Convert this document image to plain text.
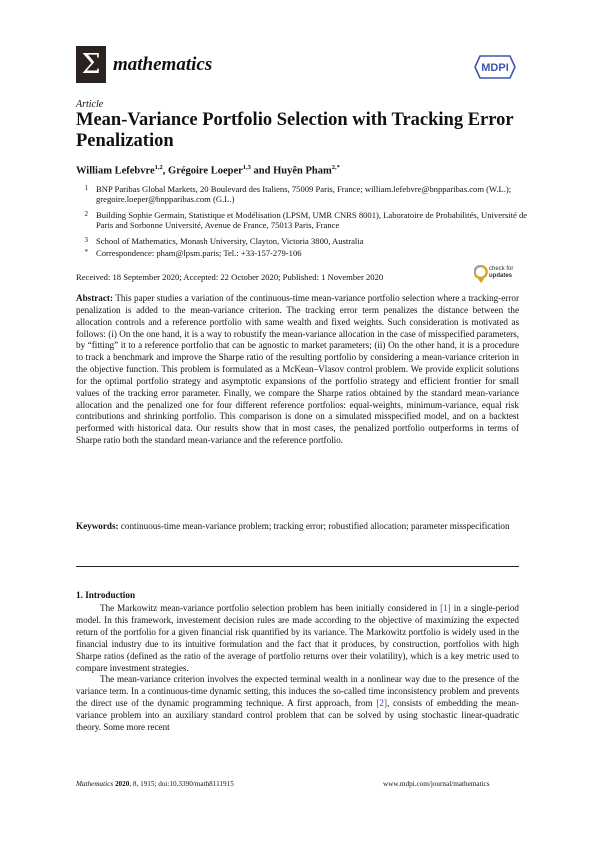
Σ mathematics	MDPI
Article
Mean-Variance Portfolio Selection with Tracking Error Penalization
William Lefebvre$^{1,2}$, Grégoire Loeper$^{1,3}$ and Huyên Pham$^{2,*}$
1 BNP Paribas Global Markets, 20 Boulevard des Italiens, 75009 Paris, France; william.lefebvre@bnpparibas.com (W.L.); gregoire.loeper@bnpparibas.com (G.L.)
2 Building Sophie Germain, Statistique et Modélisation (LPSM, UMR CNRS 8001), Laboratoire de Probabilités, Université de Paris and Sorbonne Université, Avenue de France, 75013 Paris, France
3 School of Mathematics, Monash University, Clayton, Victoria 3800, Australia
* Correspondence: pham@lpsm.paris; Tel.: +33-157-279-106
Received: 18 September 2020; Accepted: 22 October 2020; Published: 1 November 2020
check for
updates
Abstract: This paper studies a variation of the continuous-time mean-variance portfolio selection where a tracking-error penalization is added to the mean-variance criterion. The tracking error term penalizes the distance between the allocation controls and a reference portfolio with same wealth and fixed weights. Such consideration is motivated as follows: (i) On the one hand, it is a way to robustify the mean-variance allocation in the case of misspecified parameters, by “fitting” it to a reference portfolio that can be agnostic to market parameters; (ii) On the other hand, it is a procedure to track a benchmark and improve the Sharpe ratio of the resulting portfolio by considering a mean-variance criterion in the objective function. This problem is formulated as a McKean–Vlasov control problem. We provide explicit solutions for the optimal portfolio strategy and asymptotic expansions of the portfolio strategy and efficient frontier for small values of the tracking error parameter. Finally, we compare the Sharpe ratios obtained by the standard mean-variance allocation and the penalized one for four different reference portfolios: equal-weights, minimum-variance, equal risk contributions and shrinking portfolio. This comparison is done on a simulated misspecified model, and on a backtest performed with historical data. Our results show that in most cases, the penalized portfolio outperforms in terms of Sharpe ratio both the standard mean-variance and the reference portfolio.
Keywords: continuous-time mean-variance problem; tracking error; robustified allocation; parameter misspecification
1. Introduction

The Markowitz mean-variance portfolio selection problem has been initially considered in [1] in a single-period model. In this framework, investement decision rules are made according to the objective of maximizing the expected return of the portfolio for a given financial risk quantified by its variance. The Markowitz portfolio is widely used in the financial industry due to its intuitive formulation and the fact that it produces, by construction, portfolios with high Sharpe ratios (defined as the ratio of the average of portfolio returns over their volatility), which is a key metric used to compare investment strategies.

The mean-variance criterion involves the expected terminal wealth in a nonlinear way due to the presence of the variance term. In a continuous-time dynamic setting, this induces the so-called time inconsistency problem and prevents the direct use of the dynamic programming technique. A first approach, from [2], consists of embedding the mean-variance problem into an auxiliary standard control problem that can be solved by using stochastic linear-quadratic theory. Some more recent

Mathematics 2020, 8, 1915; doi:10.3390/math8111915	www.mdpi.com/journal/mathematics
